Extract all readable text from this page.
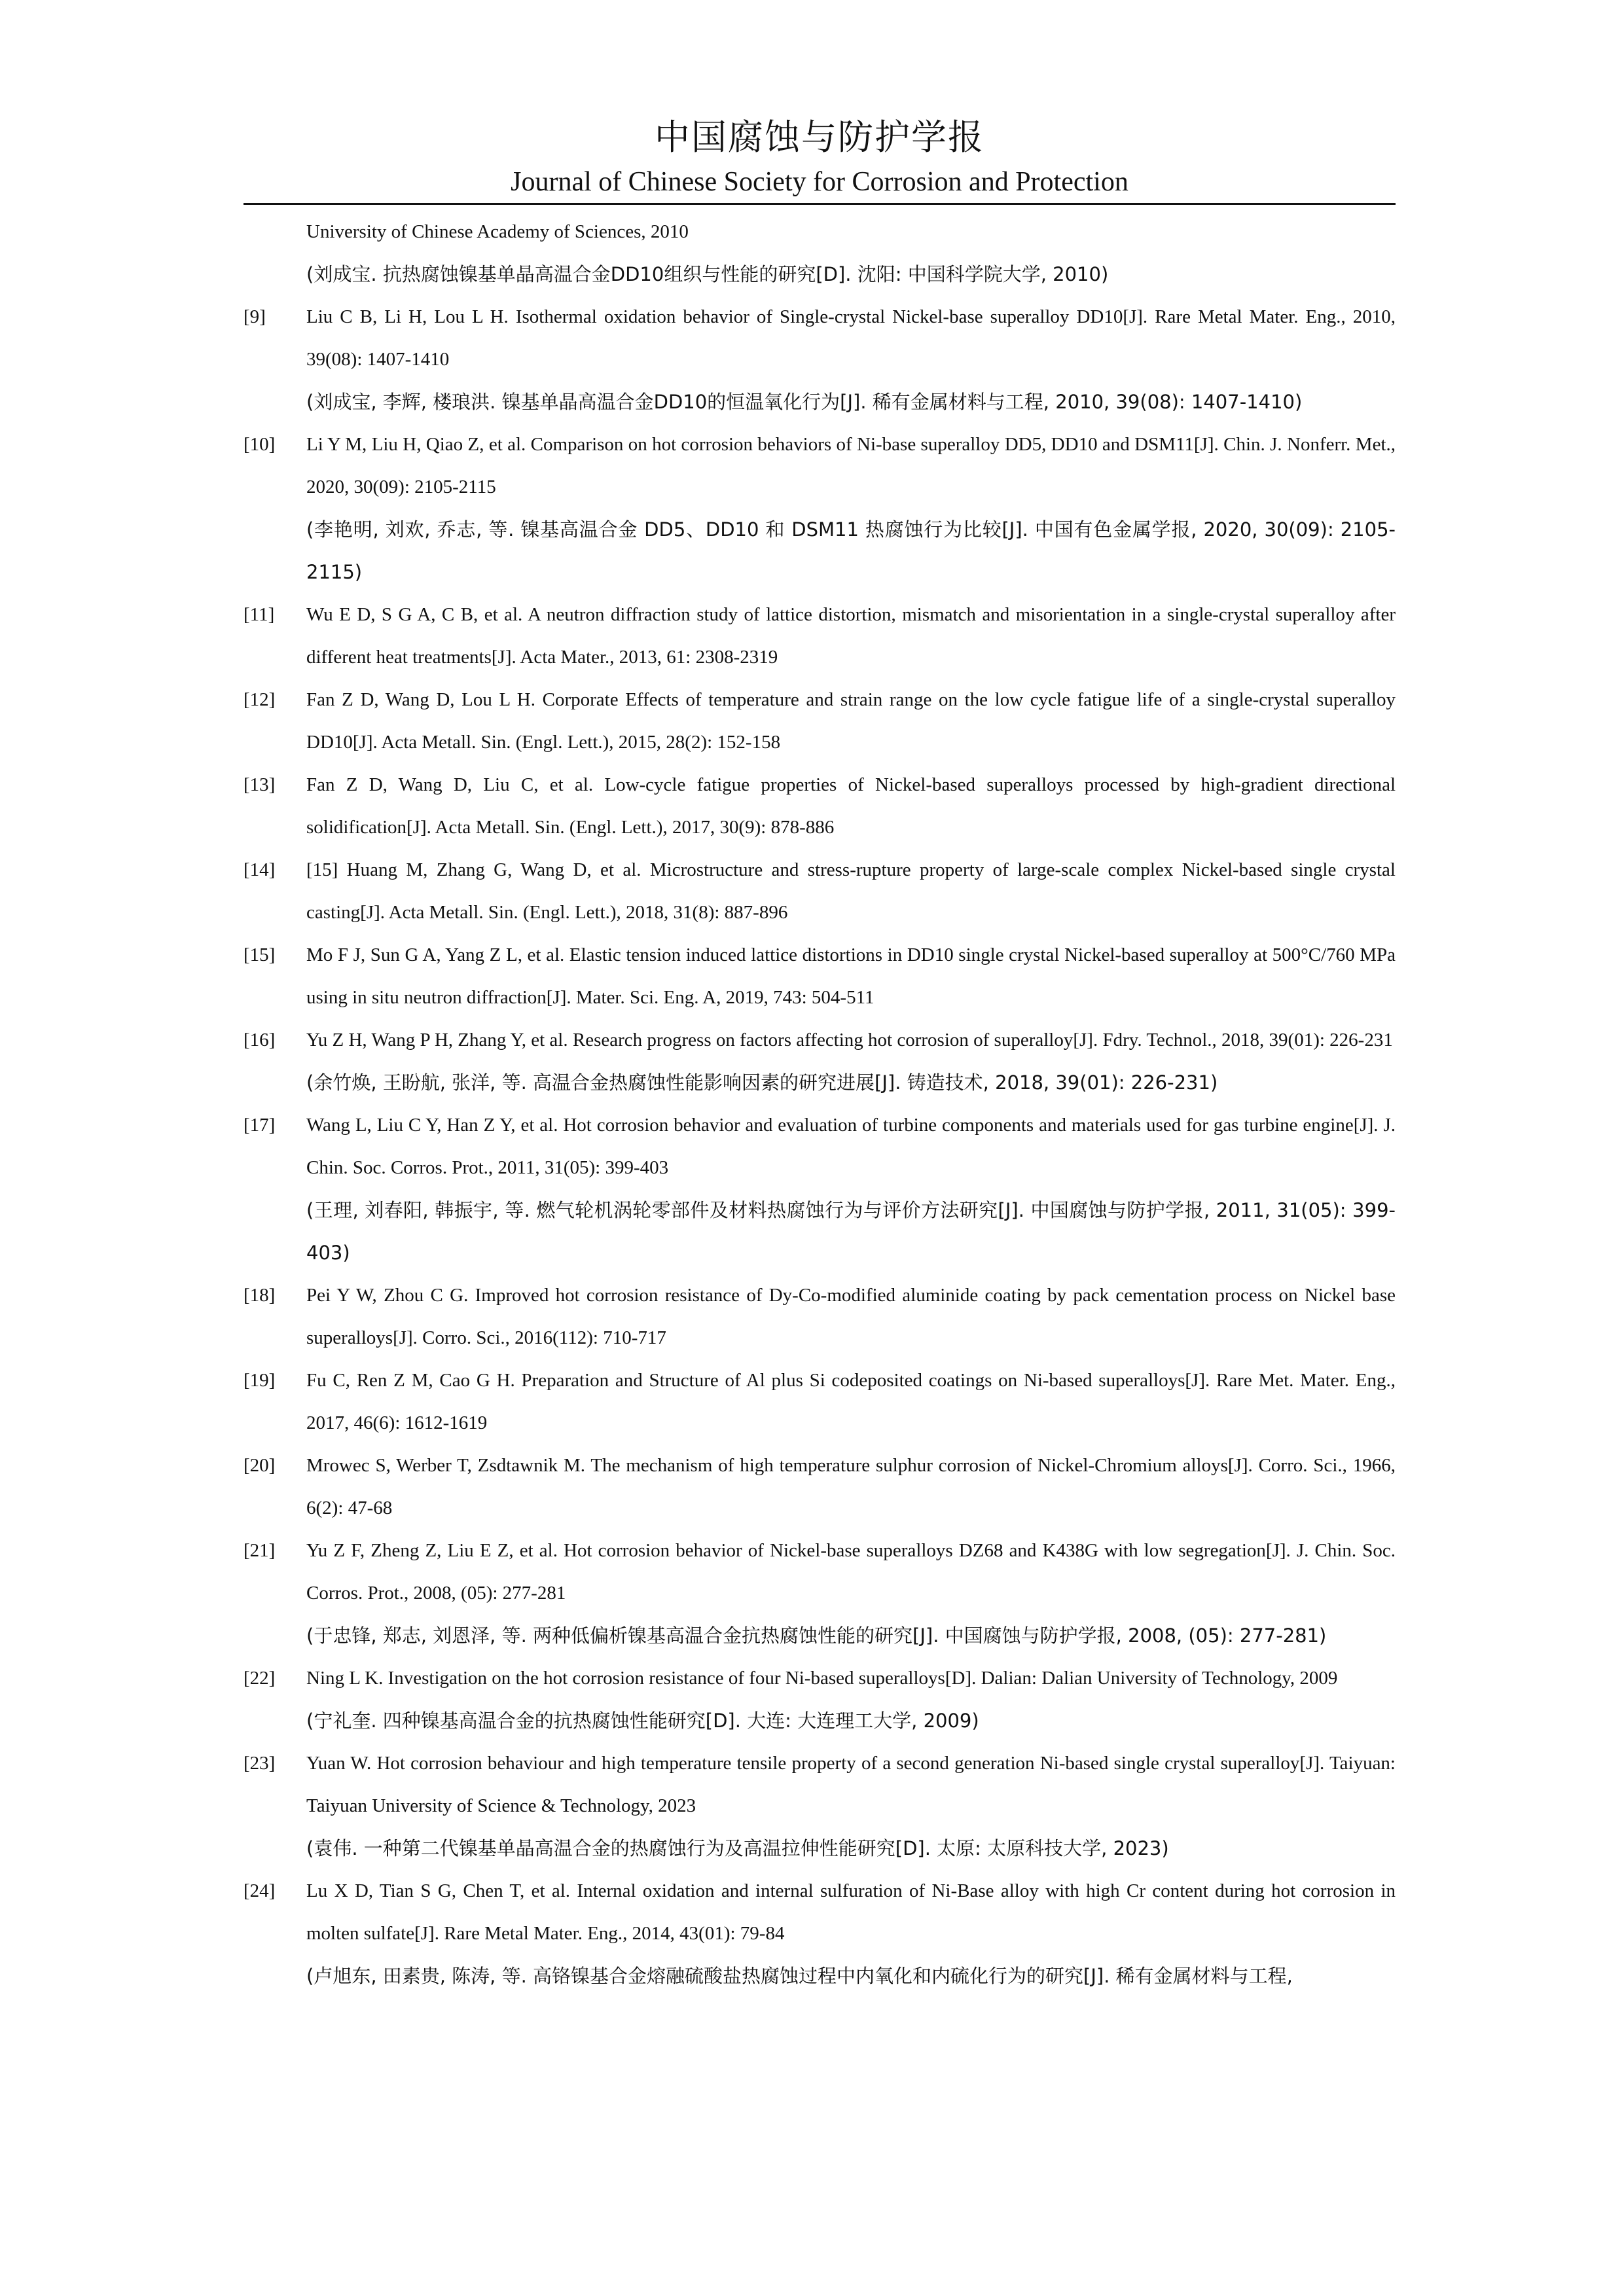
中国腐蚀与防护学报
Journal of Chinese Society for Corrosion and Protection
University of Chinese Academy of Sciences, 2010
(刘成宝. 抗热腐蚀镍基单晶高温合金DD10组织与性能的研究[D]. 沈阳: 中国科学院大学, 2010)
[9]	Liu C B, Li H, Lou L H. Isothermal oxidation behavior of Single-crystal Nickel-base superalloy DD10[J]. Rare Metal Mater. Eng., 2010, 39(08): 1407-1410
(刘成宝, 李辉, 楼琅洪. 镍基单晶高温合金DD10的恒温氧化行为[J]. 稀有金属材料与工程, 2010, 39(08): 1407-1410)
[10]	Li Y M, Liu H, Qiao Z, et al. Comparison on hot corrosion behaviors of Ni-base superalloy DD5, DD10 and DSM11[J]. Chin. J. Nonferr. Met., 2020, 30(09): 2105-2115
(李艳明, 刘欢, 乔志, 等. 镍基高温合金 DD5、DD10 和 DSM11 热腐蚀行为比较[J]. 中国有色金属学报, 2020, 30(09): 2105-2115)
[11]	Wu E D, S G A, C B, et al. A neutron diffraction study of lattice distortion, mismatch and misorientation in a single-crystal superalloy after different heat treatments[J]. Acta Mater., 2013, 61: 2308-2319
[12]	Fan Z D, Wang D, Lou L H. Corporate Effects of temperature and strain range on the low cycle fatigue life of a single-crystal superalloy DD10[J]. Acta Metall. Sin. (Engl. Lett.), 2015, 28(2): 152-158
[13]	Fan Z D, Wang D, Liu C, et al. Low-cycle fatigue properties of Nickel-based superalloys processed by high-gradient directional solidification[J]. Acta Metall. Sin. (Engl. Lett.), 2017, 30(9): 878-886
[14]	[15] Huang M, Zhang G, Wang D, et al. Microstructure and stress-rupture property of large-scale complex Nickel-based single crystal casting[J]. Acta Metall. Sin. (Engl. Lett.), 2018, 31(8): 887-896
[15]	Mo F J, Sun G A, Yang Z L, et al. Elastic tension induced lattice distortions in DD10 single crystal Nickel-based superalloy at 500°C/760 MPa using in situ neutron diffraction[J]. Mater. Sci. Eng. A, 2019, 743: 504-511
[16]	Yu Z H, Wang P H, Zhang Y, et al. Research progress on factors affecting hot corrosion of superalloy[J]. Fdry. Technol., 2018, 39(01): 226-231
(余竹焕, 王盼航, 张洋, 等. 高温合金热腐蚀性能影响因素的研究进展[J]. 铸造技术, 2018, 39(01): 226-231)
[17]	Wang L, Liu C Y, Han Z Y, et al. Hot corrosion behavior and evaluation of turbine components and materials used for gas turbine engine[J]. J. Chin. Soc. Corros. Prot., 2011, 31(05): 399-403
(王理, 刘春阳, 韩振宇, 等. 燃气轮机涡轮零部件及材料热腐蚀行为与评价方法研究[J]. 中国腐蚀与防护学报, 2011, 31(05): 399-403)
[18]	Pei Y W, Zhou C G. Improved hot corrosion resistance of Dy-Co-modified aluminide coating by pack cementation process on Nickel base superalloys[J]. Corro. Sci., 2016(112): 710-717
[19]	Fu C, Ren Z M, Cao G H. Preparation and Structure of Al plus Si codeposited coatings on Ni-based superalloys[J]. Rare Met. Mater. Eng., 2017, 46(6): 1612-1619
[20]	Mrowec S, Werber T, Zsdtawnik M. The mechanism of high temperature sulphur corrosion of Nickel-Chromium alloys[J]. Corro. Sci., 1966, 6(2): 47-68
[21]	Yu Z F, Zheng Z, Liu E Z, et al. Hot corrosion behavior of Nickel-base superalloys DZ68 and K438G with low segregation[J]. J. Chin. Soc. Corros. Prot., 2008, (05): 277-281
(于忠锋, 郑志, 刘恩泽, 等. 两种低偏析镍基高温合金抗热腐蚀性能的研究[J]. 中国腐蚀与防护学报, 2008, (05): 277-281)
[22]	Ning L K. Investigation on the hot corrosion resistance of four Ni-based superalloys[D]. Dalian: Dalian University of Technology, 2009
(宁礼奎. 四种镍基高温合金的抗热腐蚀性能研究[D]. 大连: 大连理工大学, 2009)
[23]	Yuan W. Hot corrosion behaviour and high temperature tensile property of a second generation Ni-based single crystal superalloy[J]. Taiyuan: Taiyuan University of Science & Technology, 2023
(袁伟. 一种第二代镍基单晶高温合金的热腐蚀行为及高温拉伸性能研究[D]. 太原: 太原科技大学, 2023)
[24]	Lu X D, Tian S G, Chen T, et al. Internal oxidation and internal sulfuration of Ni-Base alloy with high Cr content during hot corrosion in molten sulfate[J]. Rare Metal Mater. Eng., 2014, 43(01): 79-84
(卢旭东, 田素贵, 陈涛, 等. 高铬镍基合金熔融硫酸盐热腐蚀过程中内氧化和内硫化行为的研究[J]. 稀有金属材料与工程,
